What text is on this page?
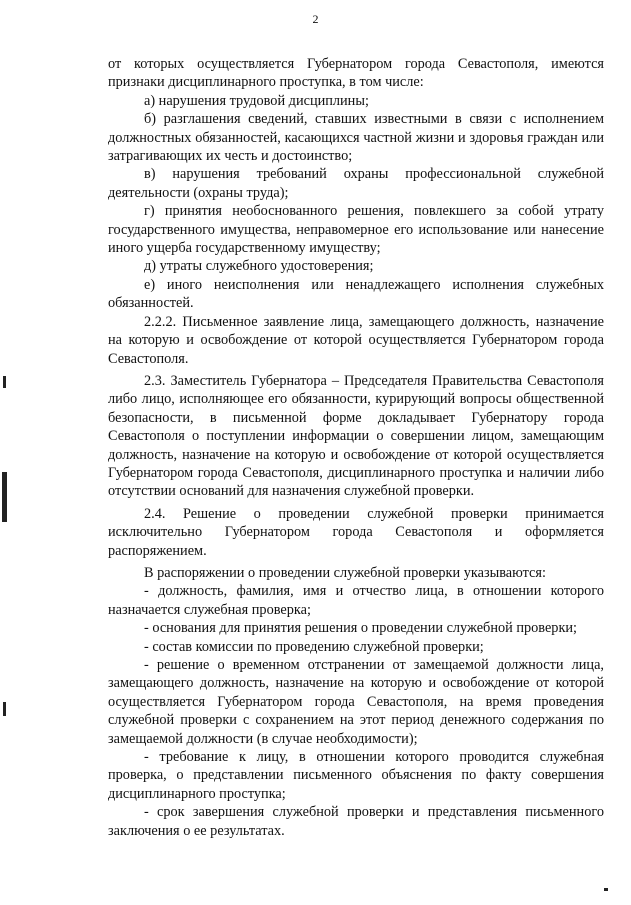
2

от которых осуществляется Губернатором города Севастополя, имеются признаки дисциплинарного проступка, в том числе:

а) нарушения трудовой дисциплины;

б) разглашения сведений, ставших известными в связи с исполнением должностных обязанностей, касающихся частной жизни и здоровья граждан или затрагивающих их честь и достоинство;

в) нарушения требований охраны профессиональной служебной деятельности (охраны труда);

г) принятия необоснованного решения, повлекшего за собой утрату государственного имущества, неправомерное его использование или нанесение иного ущерба государственному имуществу;

д) утраты служебного удостоверения;

е) иного неисполнения или ненадлежащего исполнения служебных обязанностей.

2.2.2. Письменное заявление лица, замещающего должность, назначение на которую и освобождение от которой осуществляется Губернатором города Севастополя.

2.3. Заместитель Губернатора – Председателя Правительства Севастополя либо лицо, исполняющее его обязанности, курирующий вопросы общественной безопасности, в письменной форме докладывает Губернатору города Севастополя о поступлении информации о совершении лицом, замещающим должность, назначение на которую и освобождение от которой осуществляется Губернатором города Севастополя, дисциплинарного проступка и наличии либо отсутствии оснований для назначения служебной проверки.

2.4. Решение о проведении служебной проверки принимается исключительно Губернатором города Севастополя и оформляется распоряжением.

В распоряжении о проведении служебной проверки указываются:

- должность, фамилия, имя и отчество лица, в отношении которого назначается служебная проверка;

- основания для принятия решения о проведении служебной проверки;

- состав комиссии по проведению служебной проверки;

- решение о временном отстранении от замещаемой должности лица, замещающего должность, назначение на которую и освобождение от которой осуществляется Губернатором города Севастополя, на время проведения служебной проверки с сохранением на этот период денежного содержания по замещаемой должности (в случае необходимости);

- требование к лицу, в отношении которого проводится служебная проверка, о представлении письменного объяснения по факту совершения дисциплинарного проступка;

- срок завершения служебной проверки и представления письменного заключения о ее результатах.
